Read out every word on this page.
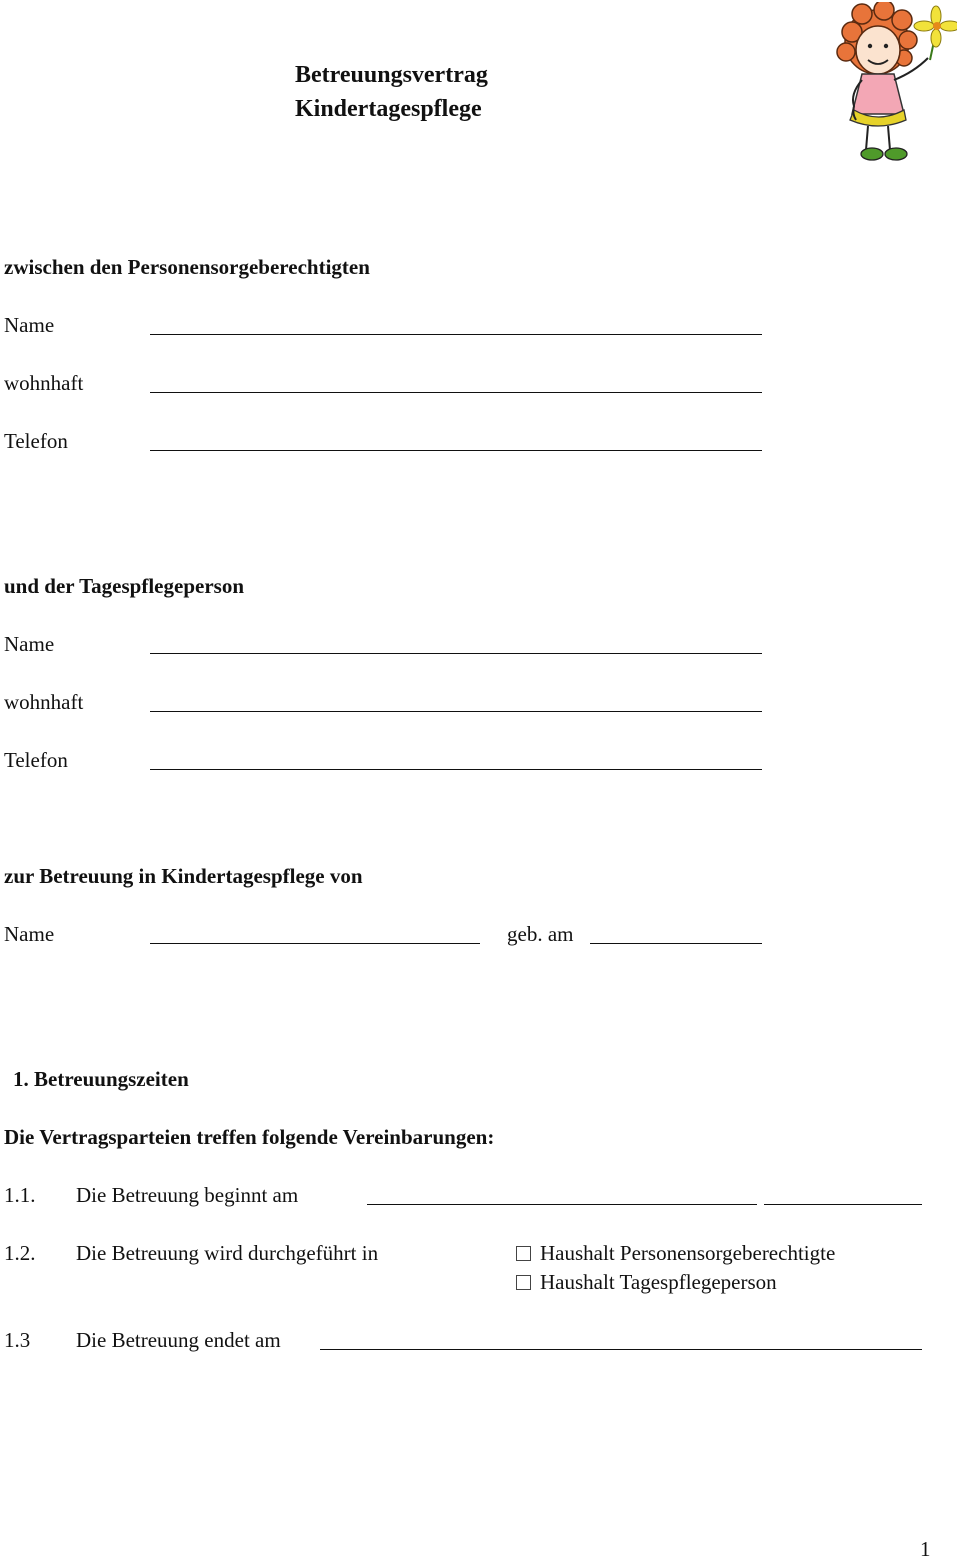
Betreuungsvertrag
Kindertagespflege
zwischen den Personensorgeberechtigten
Name
wohnhaft
Telefon
und der Tagespflegeperson
Name
wohnhaft
Telefon
zur Betreuung in Kindertagespflege von
Name	geb. am
1. Betreuungszeiten
Die Vertragsparteien treffen folgende Vereinbarungen:
1.1. Die Betreuung beginnt am
1.2. Die Betreuung wird durchgeführt in	Haushalt Personensorgeberechtigte
Haushalt Tagespflegeperson
1.3 Die Betreuung endet am
1
